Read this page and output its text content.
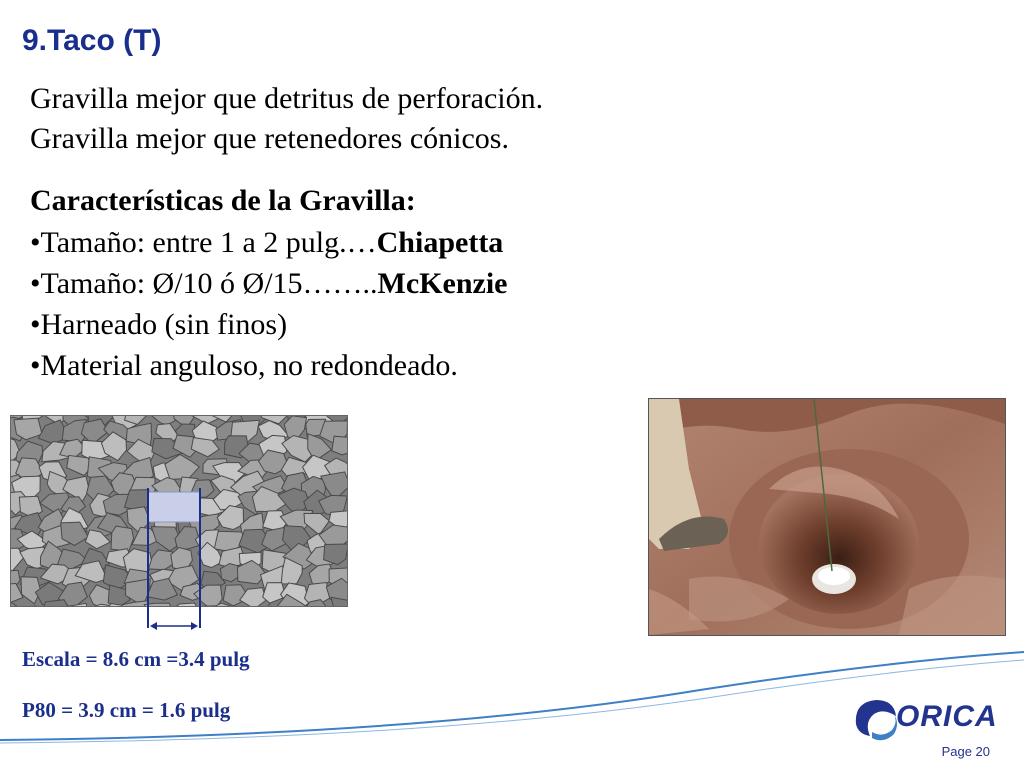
9.Taco (T)
Gravilla mejor que detritus de perforación.
Gravilla mejor que retenedores cónicos.
Características de la Gravilla:
•Tamaño: entre 1 a 2 pulg.…Chiapetta
•Tamaño: Ø/10 ó Ø/15……..McKenzie
•Harneado (sin finos)
•Material anguloso, no redondeado.
Escala = 8.6 cm =3.4 pulg
P80 = 3.9 cm = 1.6 pulg	ORICA
Page 20
